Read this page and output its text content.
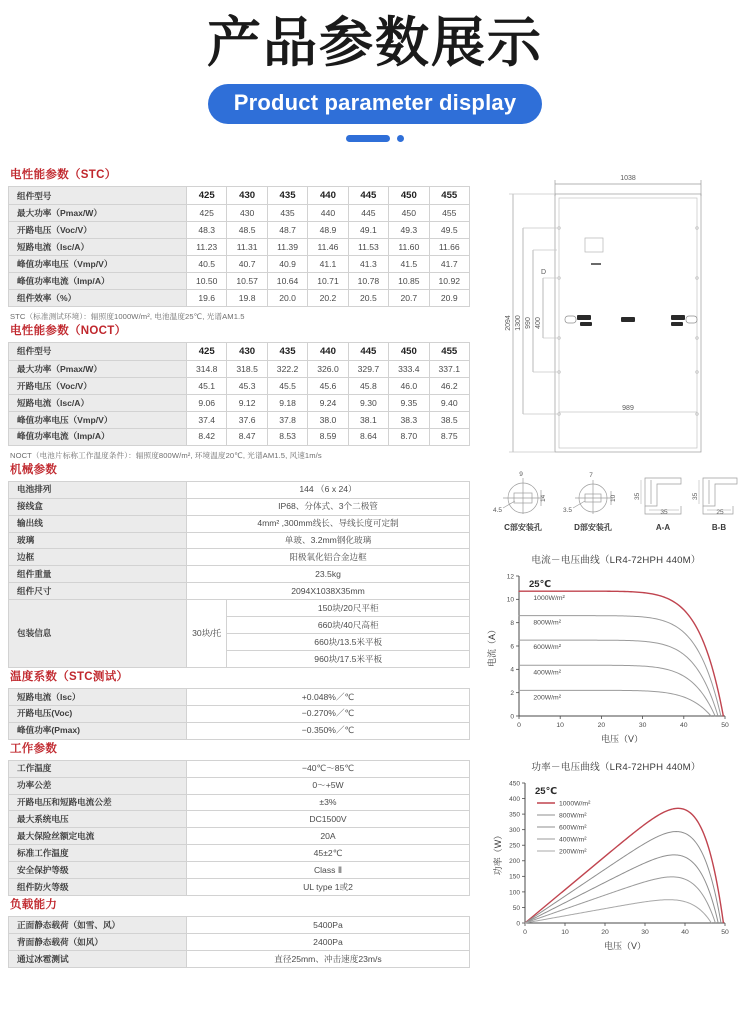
产品参数展示
Product parameter display
电性能参数（STC）
组件型号	425	430	435	440	445	450	455
最大功率（Pmax/W）	425	430	435	440	445	450	455
开路电压（Voc/V）	48.3	48.5	48.7	48.9	49.1	49.3	49.5
短路电流（Isc/A）	11.23	11.31	11.39	11.46	11.53	11.60	11.66
峰值功率电压（Vmp/V）	40.5	40.7	40.9	41.1	41.3	41.5	41.7
峰值功率电流（Imp/A）	10.50	10.57	10.64	10.71	10.78	10.85	10.92
组件效率（%）	19.6	19.8	20.0	20.2	20.5	20.7	20.9
STC（标准测试环境）：辐照度1000W/m², 电池温度25℃, 光谱AM1.5
电性能参数（NOCT）
组件型号	425	430	435	440	445	450	455
最大功率（Pmax/W）	314.8	318.5	322.2	326.0	329.7	333.4	337.1
开路电压（Voc/V）	45.1	45.3	45.5	45.6	45.8	46.0	46.2
短路电流（Isc/A）	9.06	9.12	9.18	9.24	9.30	9.35	9.40
峰值功率电压（Vmp/V）	37.4	37.6	37.8	38.0	38.1	38.3	38.5
峰值功率电流（Imp/A）	8.42	8.47	8.53	8.59	8.64	8.70	8.75
NOCT（电池片标称工作温度条件）：辐照度800W/m², 环境温度20℃, 光谱AM1.5, 风速1m/s
机械参数
电池排列	144 （6 x 24）	
接线盒	IP68、分体式、3个二极管	
输出线	4mm² ,300mm线长、导线长度可定制	
玻璃	单玻、3.2mm钢化玻璃	
边框	阳极氧化铝合金边框	
组件重量	23.5kg	
组件尺寸	2094X1038X35mm	
包装信息	30块/托	150块/20尺平柜
660块/40尺高柜
660块/13.5米平板
960块/17.5米平板
温度系数（STC测试）
短路电流（Isc）	+0.048%／℃
开路电压(Voc)	−0.270%／℃
峰值功率(Pmax)	−0.350%／℃
工作参数
工作温度	−40℃～85℃
功率公差	0～+5W
开路电压和短路电流公差	±3%
最大系统电压	DC1500V
最大保险丝额定电流	20A
标准工作温度	45±2℃
安全保护等级	Class Ⅱ
组件防火等级	UL type 1或2
负载能力
正面静态载荷（如雪、风）	5400Pa
背面静态载荷（如风）	2400Pa
通过冰雹测试	直径25mm、冲击速度23m/s
1038
2094 1300 990 400
989
D
9
4.5
14
7
3.5
10	35
35
35
25
C部安装孔	D部安装孔	A-A	B-B
电流－电压曲线（LR4-72HPH 440M）
0	10	20	30	40	50
0
2
4
6
8
10
12
电压（V）
电流（A）
25℃
1000W/m²
800W/m²
600W/m²
400W/m²
200W/m²
功率－电压曲线（LR4-72HPH 440M）
0	10	20	30	40	50
0
50
100
150
200
250
300
350
400
450
电压（V）
功率（W）
25℃
1000W/m²
800W/m²
600W/m²
400W/m²
200W/m²
